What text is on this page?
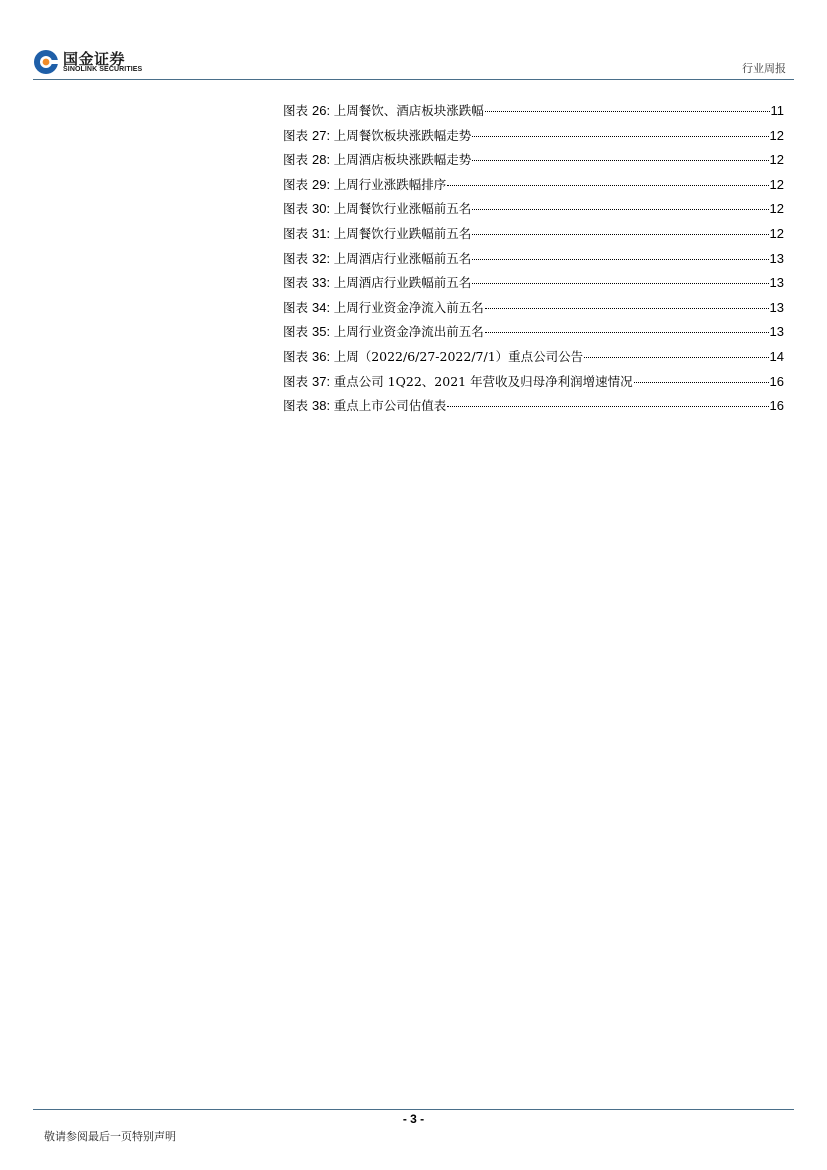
国金证券
SINOLINK SECURITIES	行业周报
图表 26: 上周餐饮、酒店板块涨跌幅	11
图表 27: 上周餐饮板块涨跌幅走势	12
图表 28: 上周酒店板块涨跌幅走势	12
图表 29: 上周行业涨跌幅排序	12
图表 30: 上周餐饮行业涨幅前五名	12
图表 31: 上周餐饮行业跌幅前五名	12
图表 32: 上周酒店行业涨幅前五名	13
图表 33: 上周酒店行业跌幅前五名	13
图表 34: 上周行业资金净流入前五名	13
图表 35: 上周行业资金净流出前五名	13
图表 36: 上周（2022/6/27-2022/7/1）重点公司公告	14
图表 37: 重点公司 1Q22、2021 年营收及归母净利润增速情况	16
图表 38: 重点上市公司估值表	16
- 3 -
敬请参阅最后一页特别声明
